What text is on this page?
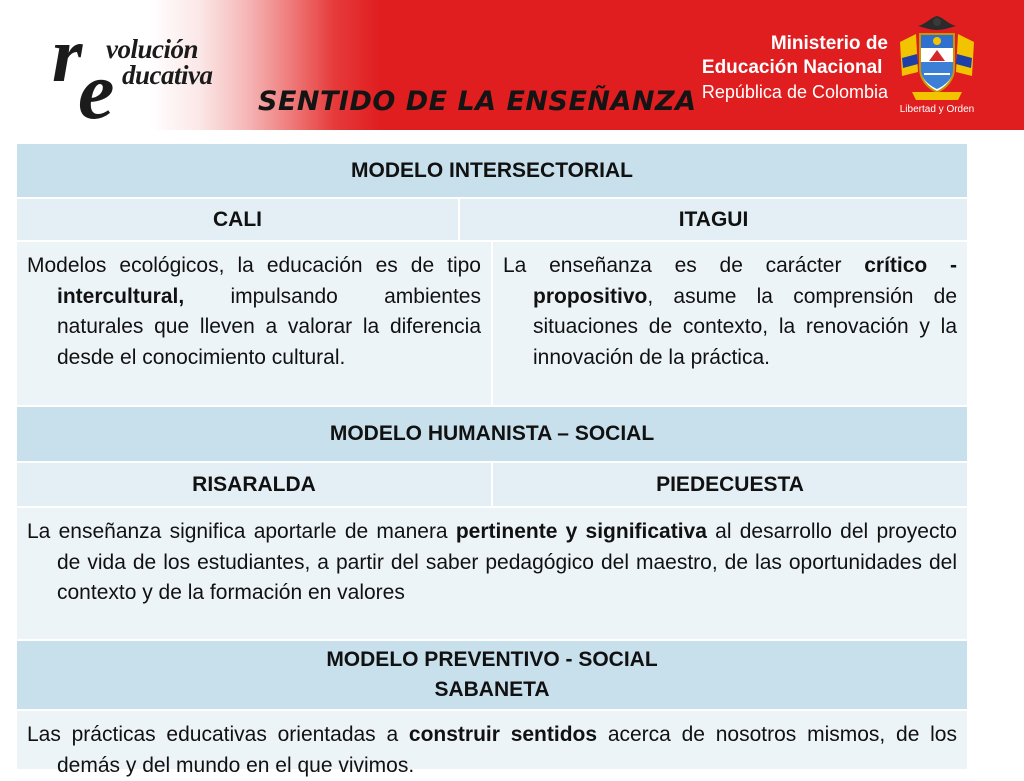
r
e
volución
ducativa
SENTIDO DE LA ENSEÑANZA
Ministerio de
Educación Nacional
República de Colombia
Libertad y Orden
MODELO INTERSECTORIAL
CALI	ITAGUI
Modelos ecológicos, la educación es de tipo intercultural, impulsando ambientes naturales que lleven a valorar la diferencia desde el conocimiento cultural.
La enseñanza es de carácter crítico - propositivo, asume la comprensión de situaciones de contexto, la renovación y la innovación de la práctica.
MODELO HUMANISTA – SOCIAL
RISARALDA	PIEDECUESTA
La enseñanza significa aportarle de manera pertinente y significativa al desarrollo del proyecto de vida de los estudiantes, a partir del saber pedagógico del maestro, de las oportunidades del contexto y de la formación en valores
MODELO PREVENTIVO - SOCIAL
SABANETA
Las prácticas educativas orientadas a construir sentidos acerca de nosotros mismos, de los demás y del mundo en el que vivimos.
